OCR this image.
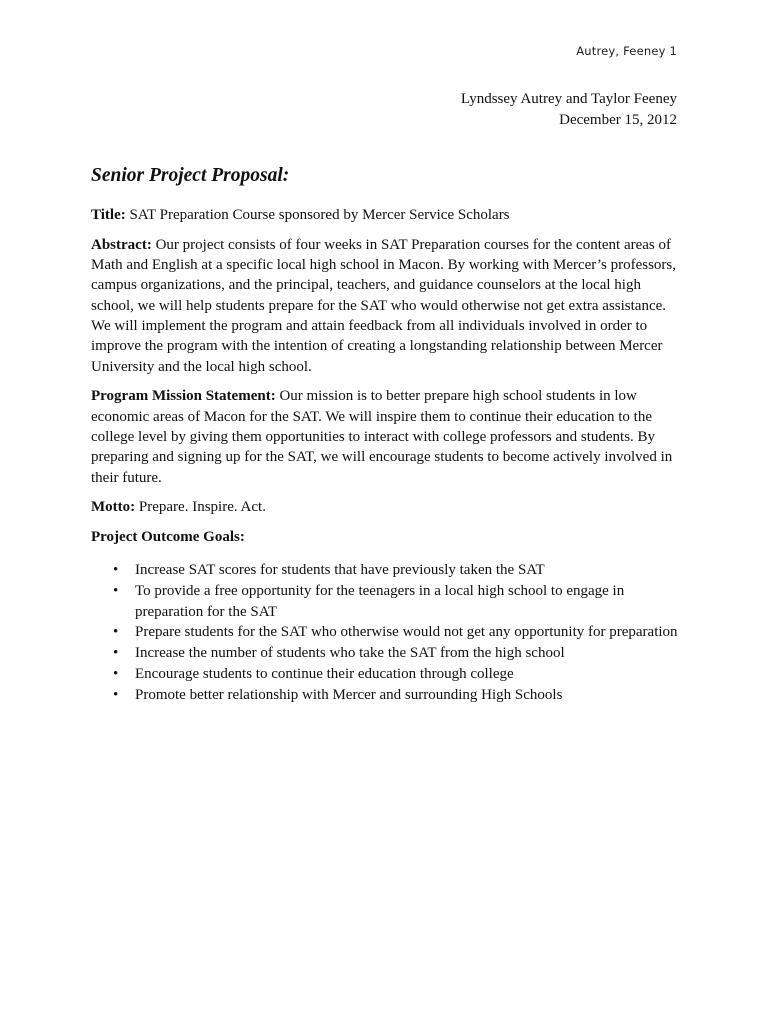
Autrey, Feeney 1
Lyndssey Autrey and Taylor Feeney
December 15, 2012
Senior Project Proposal:

Title: SAT Preparation Course sponsored by Mercer Service Scholars

Abstract: Our project consists of four weeks in SAT Preparation courses for the content areas of Math and English at a specific local high school in Macon. By working with Mercer’s professors, campus organizations, and the principal, teachers, and guidance counselors at the local high school, we will help students prepare for the SAT who would otherwise not get extra assistance. We will implement the program and attain feedback from all individuals involved in order to improve the program with the intention of creating a longstanding relationship between Mercer University and the local high school.

Program Mission Statement: Our mission is to better prepare high school students in low economic areas of Macon for the SAT. We will inspire them to continue their education to the college level by giving them opportunities to interact with college professors and students. By preparing and signing up for the SAT, we will encourage students to become actively involved in their future.

Motto: Prepare. Inspire. Act.

Project Outcome Goals:
• Increase SAT scores for students that have previously taken the SAT
• To provide a free opportunity for the teenagers in a local high school to engage in preparation for the SAT
• Prepare students for the SAT who otherwise would not get any opportunity for preparation
• Increase the number of students who take the SAT from the high school
• Encourage students to continue their education through college
• Promote better relationship with Mercer and surrounding High Schools
